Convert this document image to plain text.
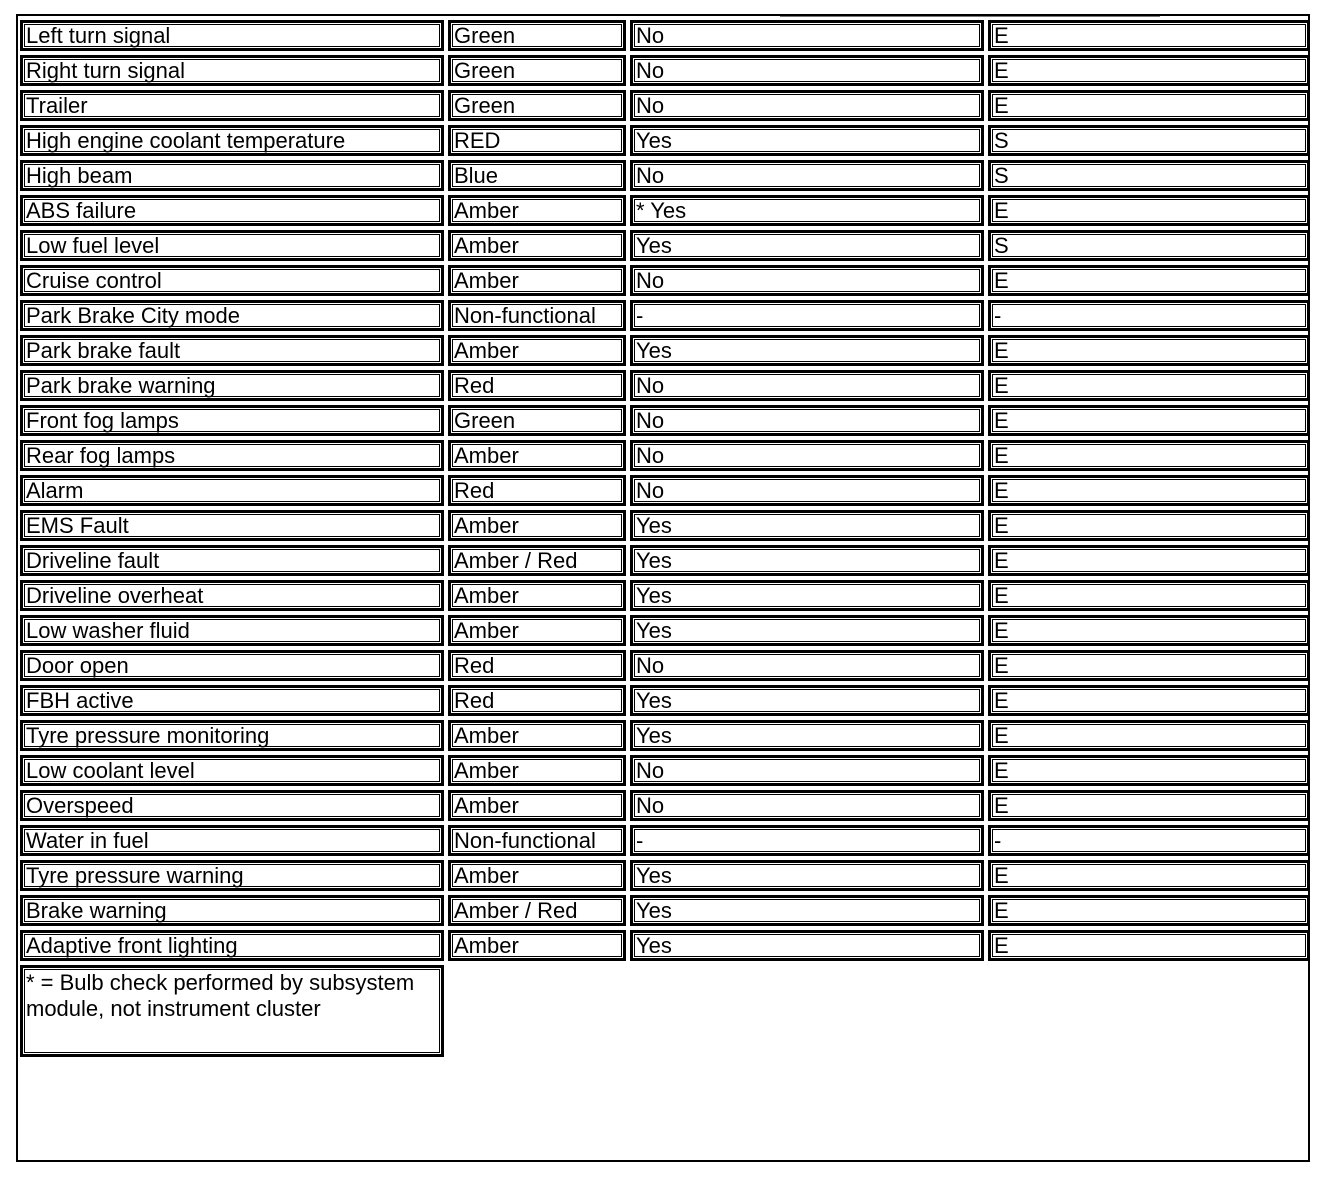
Left turn signal	Green	No	E
Right turn signal	Green	No	E
Trailer	Green	No	E
High engine coolant temperature	RED	Yes	S
High beam	Blue	No	S
ABS failure	Amber	* Yes	E
Low fuel level	Amber	Yes	S
Cruise control	Amber	No	E
Park Brake City mode	Non-functional	-	-
Park brake fault	Amber	Yes	E
Park brake warning	Red	No	E
Front fog lamps	Green	No	E
Rear fog lamps	Amber	No	E
Alarm	Red	No	E
EMS Fault	Amber	Yes	E
Driveline fault	Amber / Red	Yes	E
Driveline overheat	Amber	Yes	E
Low washer fluid	Amber	Yes	E
Door open	Red	No	E
FBH active	Red	Yes	E
Tyre pressure monitoring	Amber	Yes	E
Low coolant level	Amber	No	E
Overspeed	Amber	No	E
Water in fuel	Non-functional	-	-
Tyre pressure warning	Amber	Yes	E
Brake warning	Amber / Red	Yes	E
Adaptive front lighting	Amber	Yes	E
* = Bulb check performed by subsystem module, not instrument cluster			
